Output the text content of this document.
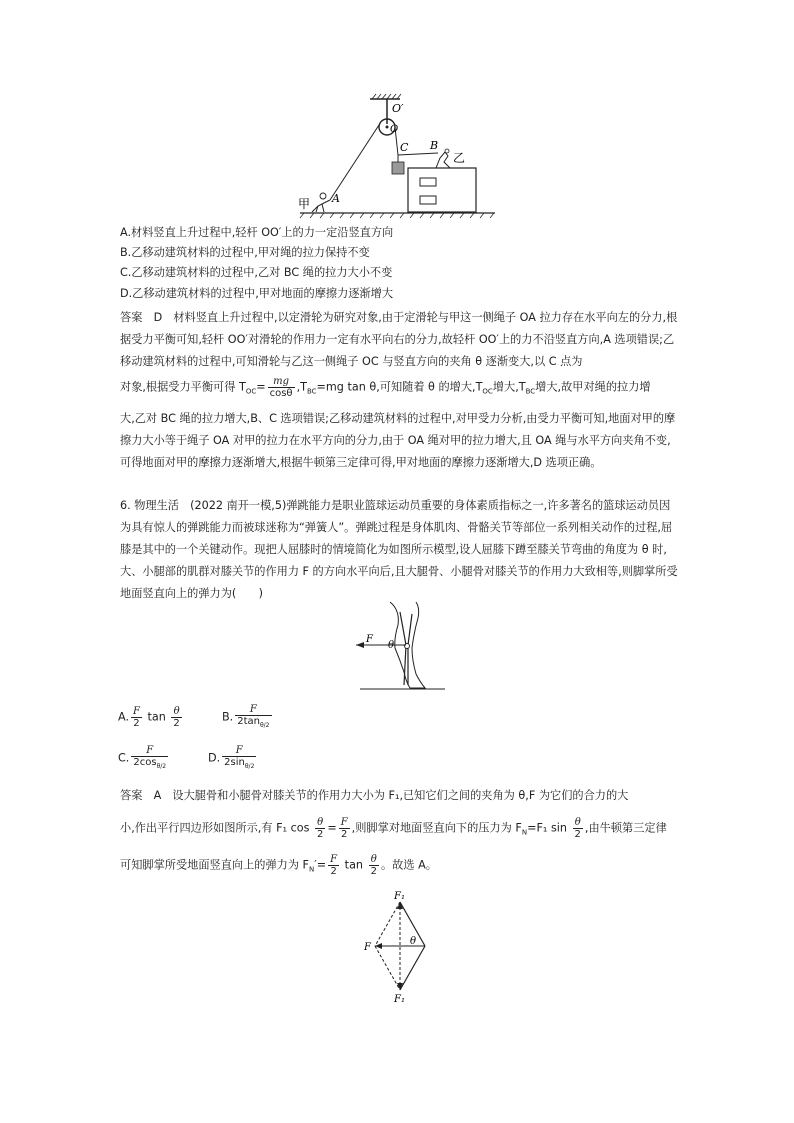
O′
O
C B
乙
甲 A
A.材料竖直上升过程中,轻杆 OO′上的力一定沿竖直方向
B.乙移动建筑材料的过程中,甲对绳的拉力保持不变
C.乙移动建筑材料的过程中,乙对 BC 绳的拉力大小不变
D.乙移动建筑材料的过程中,甲对地面的摩擦力逐渐增大
答案　D　材料竖直上升过程中,以定滑轮为研究对象,由于定滑轮与甲这一侧绳子 OA 拉力存在水平向左的分力,根据受力平衡可知,轻杆 OO′对滑轮的作用力一定有水平向右的分力,故轻杆 OO′上的力不沿竖直方向,A 选项错误;乙移动建筑材料的过程中,可知滑轮与乙这一侧绳子 OC 与竖直方向的夹角 θ 逐渐变大,以 C 点为
对象,根据受力平衡可得 $T_{OC}= \frac{mg}{\cos\theta} ,T_{BC}=mg$ tan θ,可知随着 θ 的增大$,T_{OC}$增大$,T_{BC}$增大,故甲对绳的拉力增
大,乙对 BC 绳的拉力增大,B、C 选项错误;乙移动建筑材料的过程中,对甲受力分析,由受力平衡可知,地面对甲的摩擦力大小等于绳子 OA 对甲的拉力在水平方向的分力,由于 OA 绳对甲的拉力增大,且 OA 绳与水平方向夹角不变,可得地面对甲的摩擦力逐渐增大,根据牛顿第三定律可得,甲对地面的摩擦力逐渐增大,D 选项正确。
6. 物理生活　(2022 南开一模,5)弹跳能力是职业篮球运动员重要的身体素质指标之一,许多著名的篮球运动员因为具有惊人的弹跳能力而被球迷称为“弹簧人”。弹跳过程是身体肌肉、骨骼关节等部位一系列相关动作的过程,屈膝是其中的一个关键动作。现把人屈膝时的情境简化为如图所示模型,设人屈膝下蹲至膝关节弯曲的角度为 θ 时,大、小腿部的肌群对膝关节的作用力 F 的方向水平向后,且大腿骨、小腿骨对膝关节的作用力大致相等,则脚掌所受地面竖直向上的弹力为(　　)
F
θ
A. $\frac{F}{2}$ $\tan \frac{\theta}{2}$	B. $\frac{F}{2\tan_{\theta/2}}$
C. $\frac{F}{2\cos_{\theta/2}}$	D. $\frac{F}{2\sin_{\theta/2}}$
答案　A　设大腿骨和小腿骨对膝关节的作用力大小为 F₁,已知它们之间的夹角为 θ,F 为它们的合力的大
小,作出平行四边形如图所示,有 F₁ $\cos \frac{\theta}{2} = \frac{F}{2}$ ,则脚掌对地面竖直向下的压力为 $F_N=F_1$ $\sin \frac{\theta}{2}$ ,由牛顿第三定律
可知脚掌所受地面竖直向上的弹力为 $F_N'= \frac{F}{2}$ $\tan \frac{\theta}{2}$ 。故选 A。
F₁
F
θ
F₁
